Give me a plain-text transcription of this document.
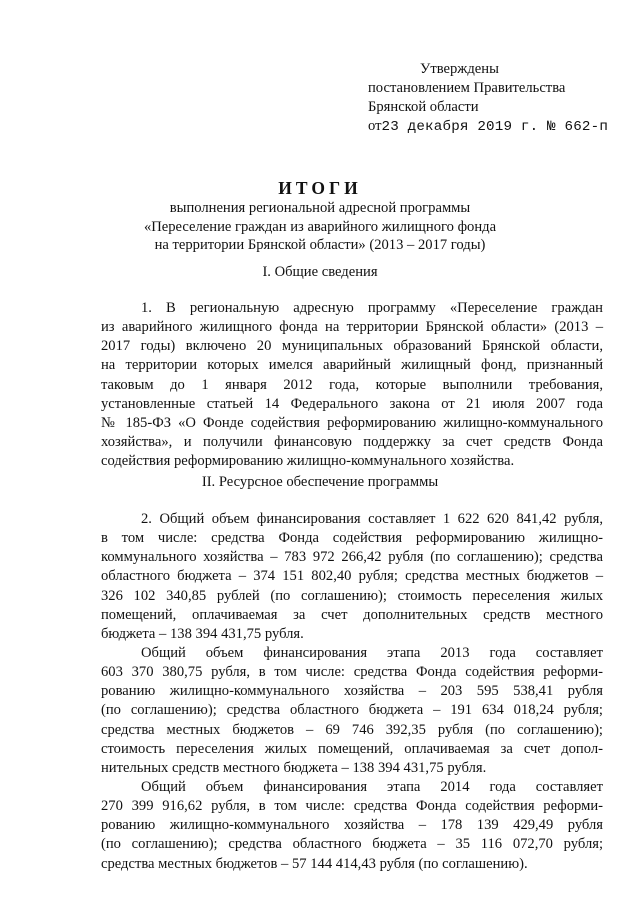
Утверждены
постановлением Правительства
Брянской области
от23 декабря 2019 г. № 662-п
ИТОГИ
выполнения региональной адресной программы
«Переселение граждан из аварийного жилищного фонда
на территории Брянской области» (2013 – 2017 годы)
I. Общие сведения
1. В региональную адресную программу «Переселение граждан
из аварийного жилищного фонда на территории Брянской области» (2013 –
2017 годы) включено 20 муниципальных образований Брянской области,
на территории которых имелся аварийный жилищный фонд, признанный
таковым до 1 января 2012 года, которые выполнили требования,
установленные статьей 14 Федерального закона от 21 июля 2007 года
№ 185-ФЗ «О Фонде содействия реформированию жилищно-коммунального
хозяйства», и получили финансовую поддержку за счет средств Фонда
содействия реформированию жилищно-коммунального хозяйства.
II. Ресурсное обеспечение программы
2. Общий объем финансирования составляет 1 622 620 841,42 рубля,
в том числе: средства Фонда содействия реформированию жилищно-
коммунального хозяйства – 783 972 266,42 рубля (по соглашению); средства
областного бюджета – 374 151 802,40 рубля; средства местных бюджетов –
326 102 340,85 рублей (по соглашению); стоимость переселения жилых
помещений, оплачиваемая за счет дополнительных средств местного
бюджета – 138 394 431,75 рубля.
Общий объем финансирования этапа 2013 года составляет
603 370 380,75 рубля, в том числе: средства Фонда содействия реформи-
рованию жилищно-коммунального хозяйства – 203 595 538,41 рубля
(по соглашению); средства областного бюджета – 191 634 018,24 рубля;
средства местных бюджетов – 69 746 392,35 рубля (по соглашению);
стоимость переселения жилых помещений, оплачиваемая за счет допол-
нительных средств местного бюджета – 138 394 431,75 рубля.
Общий объем финансирования этапа 2014 года составляет
270 399 916,62 рубля, в том числе: средства Фонда содействия реформи-
рованию жилищно-коммунального хозяйства – 178 139 429,49 рубля
(по соглашению); средства областного бюджета – 35 116 072,70 рубля;
средства местных бюджетов – 57 144 414,43 рубля (по соглашению).
